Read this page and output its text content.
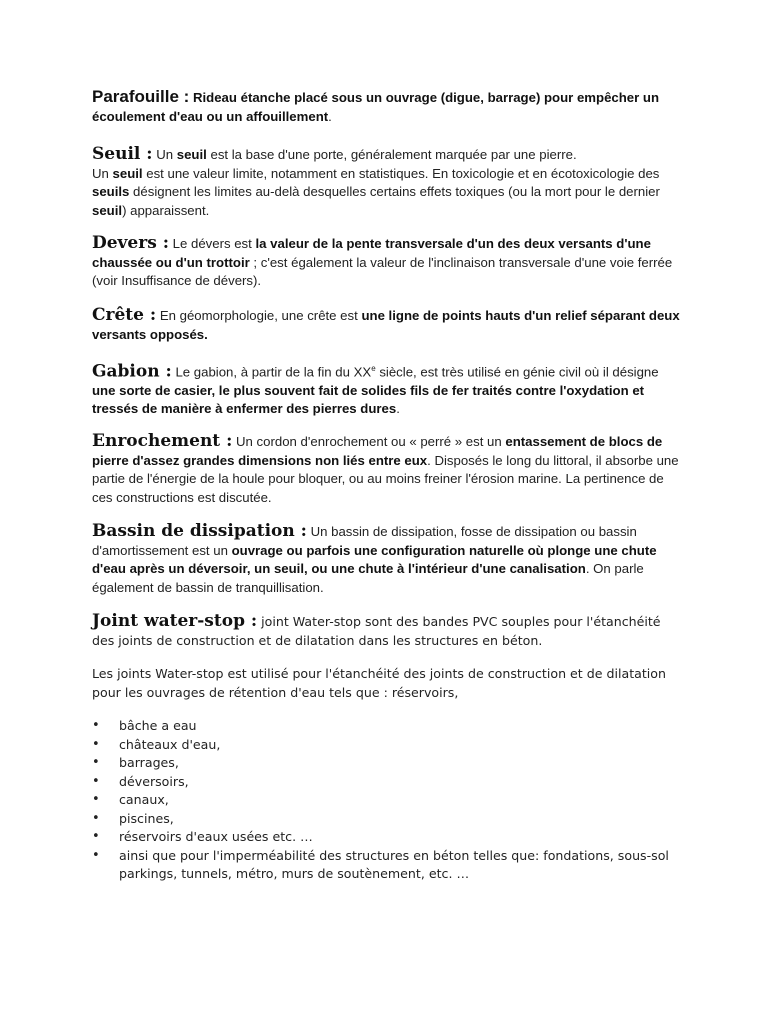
Parafouille : Rideau étanche placé sous un ouvrage (digue, barrage) pour empêcher un écoulement d'eau ou un affouillement.

Seuil : Un seuil est la base d'une porte, généralement marquée par une pierre.
Un seuil est une valeur limite, notamment en statistiques. En toxicologie et en écotoxicologie des seuils désignent les limites au-delà desquelles certains effets toxiques (ou la mort pour le dernier seuil) apparaissent.

Devers : Le dévers est la valeur de la pente transversale d'un des deux versants d'une chaussée ou d'un trottoir ; c'est également la valeur de l'inclinaison transversale d'une voie ferrée (voir Insuffisance de dévers).

Crête : En géomorphologie, une crête est une ligne de points hauts d'un relief séparant deux versants opposés.

Gabion : Le gabion, à partir de la fin du XXe siècle, est très utilisé en génie civil où il désigne une sorte de casier, le plus souvent fait de solides fils de fer traités contre l'oxydation et tressés de manière à enfermer des pierres dures.

Enrochement : Un cordon d'enrochement ou « perré » est un entassement de blocs de pierre d'assez grandes dimensions non liés entre eux. Disposés le long du littoral, il absorbe une partie de l'énergie de la houle pour bloquer, ou au moins freiner l'érosion marine. La pertinence de ces constructions est discutée.

Bassin de dissipation : Un bassin de dissipation, fosse de dissipation ou bassin d'amortissement est un ouvrage ou parfois une configuration naturelle où plonge une chute d'eau après un déversoir, un seuil, ou une chute à l'intérieur d'une canalisation. On parle également de bassin de tranquillisation.

Joint water-stop : joint Water-stop sont des bandes PVC souples pour l'étanchéité des joints de construction et de dilatation dans les structures en béton.

Les joints Water-stop est utilisé pour l'étanchéité des joints de construction et de dilatation pour les ouvrages de rétention d'eau tels que : réservoirs,

• bâche a eau
• châteaux d'eau,
• barrages,
• déversoirs,
• canaux,
• piscines,
• réservoirs d'eaux usées etc. …
• ainsi que pour l'imperméabilité des structures en béton telles que: fondations, sous-sol parkings, tunnels, métro, murs de soutènement, etc. …
